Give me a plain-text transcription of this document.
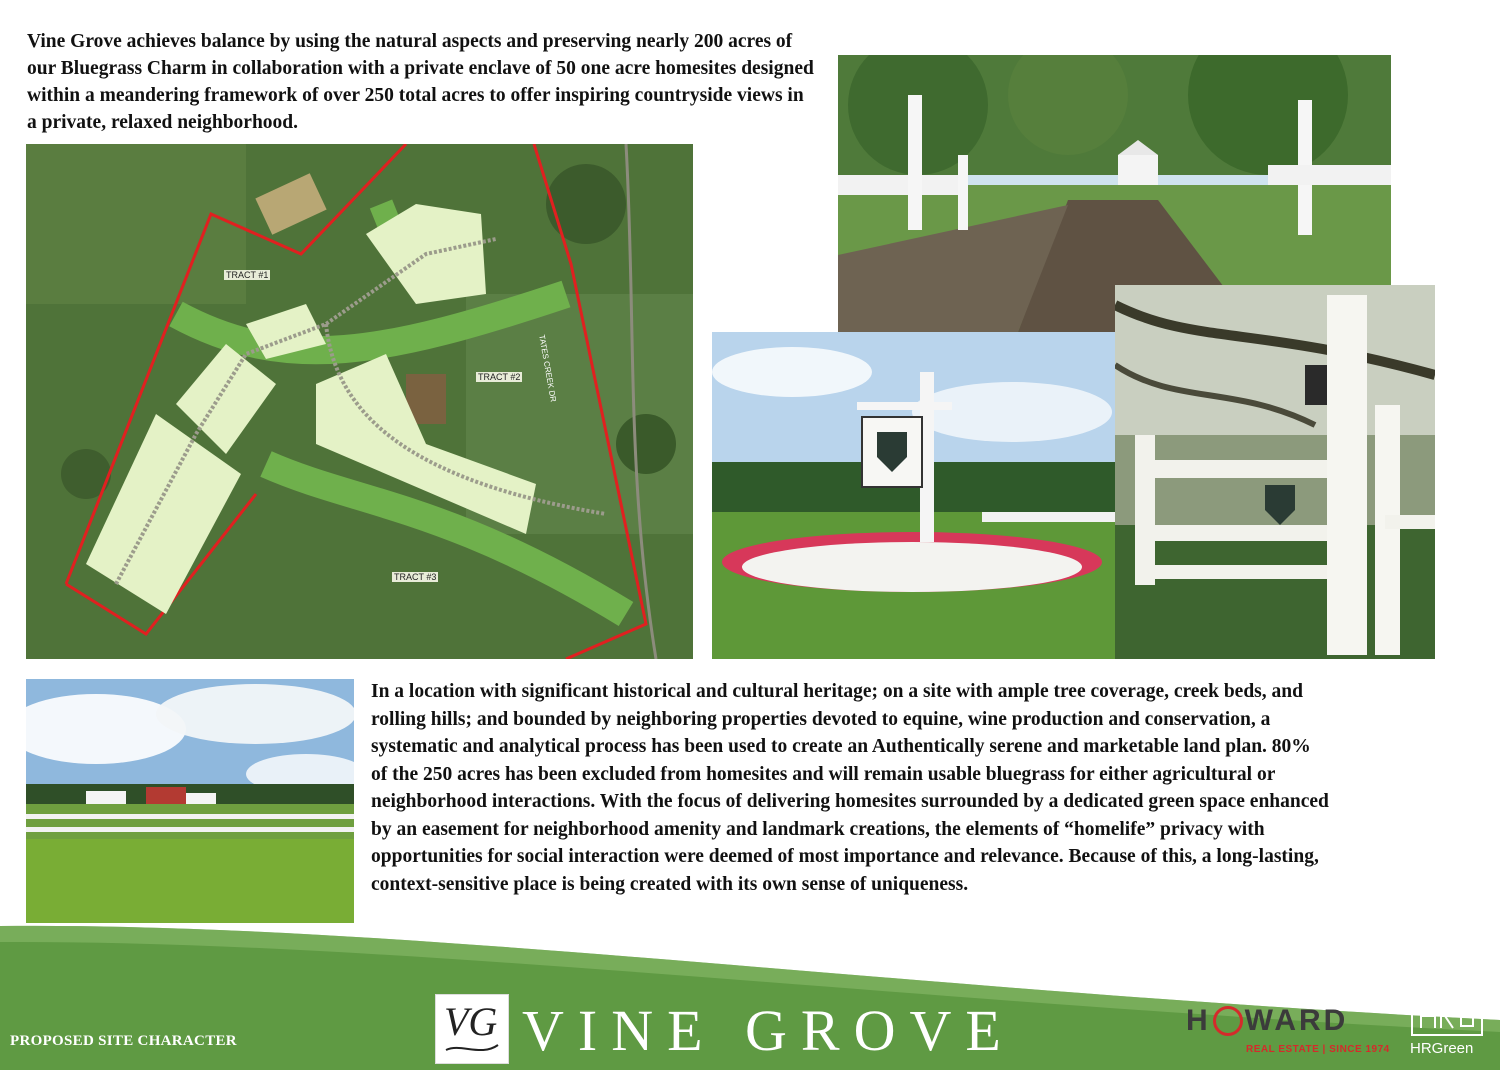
Vine Grove achieves balance by using the natural aspects and preserving nearly 200 acres of our Bluegrass Charm in collaboration with a private enclave of 50 one acre homesites designed within a meandering framework of over 250 total acres to offer inspiring countryside views in a private, relaxed neighborhood.

TRACT #1
TRACT #2
TRACT #3
TATES CREEK DR

In a location with significant historical and cultural heritage; on a site with ample tree coverage, creek beds, and rolling hills; and bounded by neighboring properties devoted to equine, wine production and conservation, a systematic and analytical process has been used to create an Authentically serene and marketable land plan. 80% of the 250 acres has been excluded from homesites and will remain usable bluegrass for either agricultural or neighborhood interactions. With the focus of delivering homesites surrounded by a dedicated green space enhanced by an easement for neighborhood amenity and landmark creations, the elements of “homelife” privacy with opportunities for social interaction were deemed of most importance and relevance. Because of this, a long-lasting, context-sensitive place is being created with its own sense of uniqueness.

PROPOSED SITE CHARACTER	VG VINE GROVE	H WARD
REAL ESTATE | SINCE 1974 HRGreen
